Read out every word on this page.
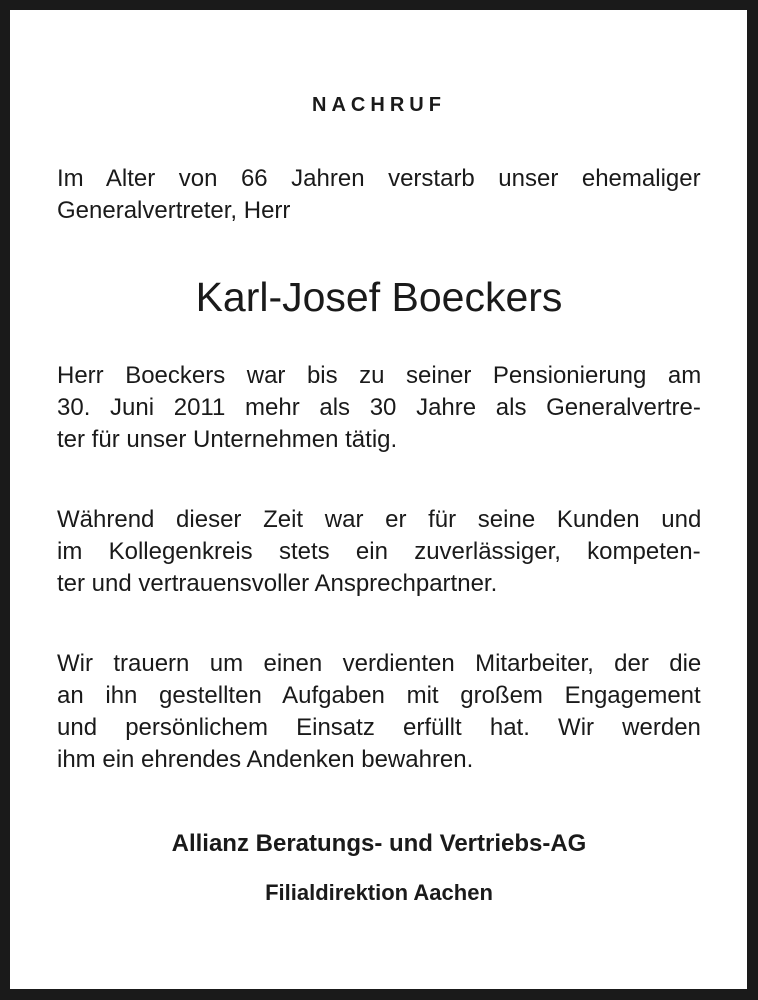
NACHRUF
Im Alter von 66 Jahren verstarb unser ehemaliger
Generalvertreter, Herr
Karl-Josef Boeckers
Herr Boeckers war bis zu seiner Pensionierung am
30. Juni 2011 mehr als 30 Jahre als Generalvertre-
ter für unser Unternehmen tätig.
Während dieser Zeit war er für seine Kunden und
im Kollegenkreis stets ein zuverlässiger, kompeten-
ter und vertrauensvoller Ansprechpartner.
Wir trauern um einen verdienten Mitarbeiter, der die
an ihn gestellten Aufgaben mit großem Engagement
und persönlichem Einsatz erfüllt hat. Wir werden
ihm ein ehrendes Andenken bewahren.
Allianz Beratungs- und Vertriebs-AG
Filialdirektion Aachen
